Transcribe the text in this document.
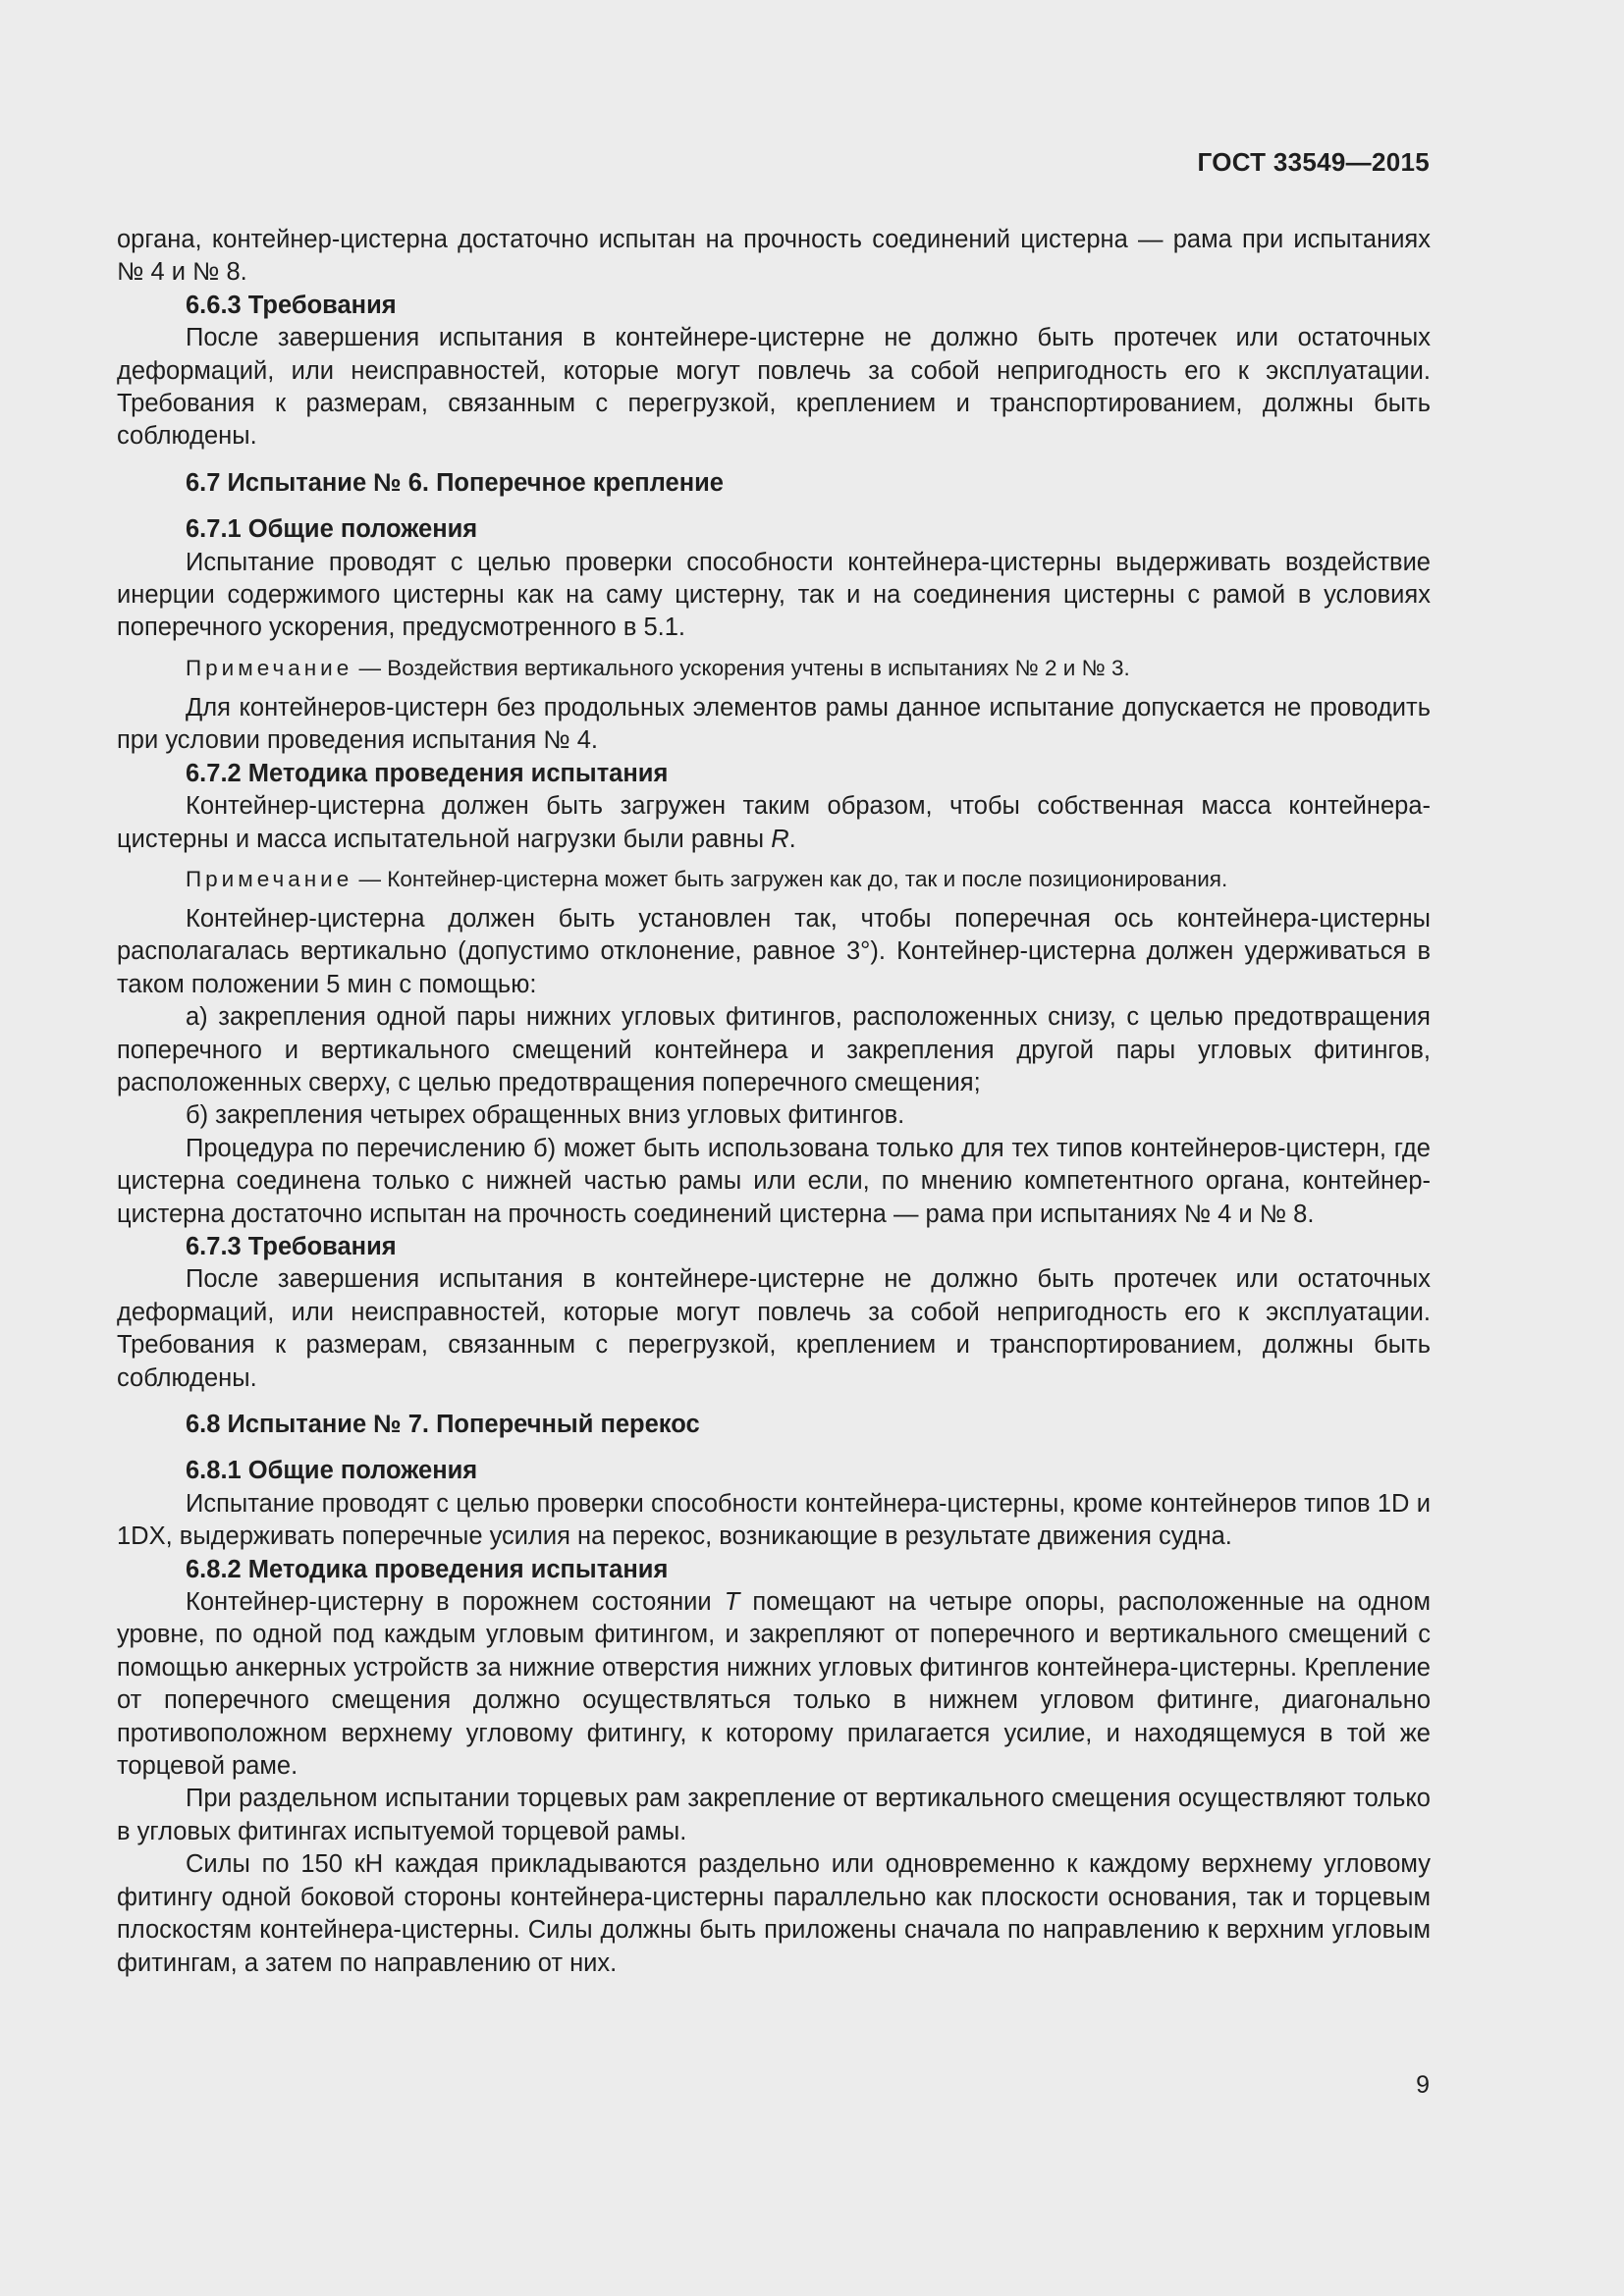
ГОСТ 33549—2015

органа, контейнер-цистерна достаточно испытан на прочность соединений цистерна — рама при испытаниях № 4 и № 8.

6.6.3 Требования

После завершения испытания в контейнере-цистерне не должно быть протечек или остаточных деформаций, или неисправностей, которые могут повлечь за собой непригодность его к эксплуатации. Требования к размерам, связанным с перегрузкой, креплением и транспортированием, должны быть соблюдены.

6.7 Испытание № 6. Поперечное крепление

6.7.1 Общие положения

Испытание проводят с целью проверки способности контейнера-цистерны выдерживать воздействие инерции содержимого цистерны как на саму цистерну, так и на соединения цистерны с рамой в условиях поперечного ускорения, предусмотренного в 5.1.

Примечание — Воздействия вертикального ускорения учтены в испытаниях № 2 и № 3.

Для контейнеров-цистерн без продольных элементов рамы данное испытание допускается не проводить при условии проведения испытания № 4.

6.7.2 Методика проведения испытания

Контейнер-цистерна должен быть загружен таким образом, чтобы собственная масса контейнера-цистерны и масса испытательной нагрузки были равны R.

Примечание — Контейнер-цистерна может быть загружен как до, так и после позиционирования.

Контейнер-цистерна должен быть установлен так, чтобы поперечная ось контейнера-цистерны располагалась вертикально (допустимо отклонение, равное 3°). Контейнер-цистерна должен удерживаться в таком положении 5 мин с помощью:

а) закрепления одной пары нижних угловых фитингов, расположенных снизу, с целью предотвращения поперечного и вертикального смещений контейнера и закрепления другой пары угловых фитингов, расположенных сверху, с целью предотвращения поперечного смещения;

б) закрепления четырех обращенных вниз угловых фитингов.

Процедура по перечислению б) может быть использована только для тех типов контейнеров-цистерн, где цистерна соединена только с нижней частью рамы или если, по мнению компетентного органа, контейнер-цистерна достаточно испытан на прочность соединений цистерна — рама при испытаниях № 4 и № 8.

6.7.3 Требования

После завершения испытания в контейнере-цистерне не должно быть протечек или остаточных деформаций, или неисправностей, которые могут повлечь за собой непригодность его к эксплуатации. Требования к размерам, связанным с перегрузкой, креплением и транспортированием, должны быть соблюдены.

6.8 Испытание № 7. Поперечный перекос

6.8.1 Общие положения

Испытание проводят с целью проверки способности контейнера-цистерны, кроме контейнеров типов 1D и 1DX, выдерживать поперечные усилия на перекос, возникающие в результате движения судна.

6.8.2 Методика проведения испытания

Контейнер-цистерну в порожнем состоянии T помещают на четыре опоры, расположенные на одном уровне, по одной под каждым угловым фитингом, и закрепляют от поперечного и вертикального смещений с помощью анкерных устройств за нижние отверстия нижних угловых фитингов контейнера-цистерны. Крепление от поперечного смещения должно осуществляться только в нижнем угловом фитинге, диагонально противоположном верхнему угловому фитингу, к которому прилагается усилие, и находящемуся в той же торцевой раме.

При раздельном испытании торцевых рам закрепление от вертикального смещения осуществляют только в угловых фитингах испытуемой торцевой рамы.

Силы по 150 кН каждая прикладываются раздельно или одновременно к каждому верхнему угловому фитингу одной боковой стороны контейнера-цистерны параллельно как плоскости основания, так и торцевым плоскостям контейнера-цистерны. Силы должны быть приложены сначала по направлению к верхним угловым фитингам, а затем по направлению от них.

9
